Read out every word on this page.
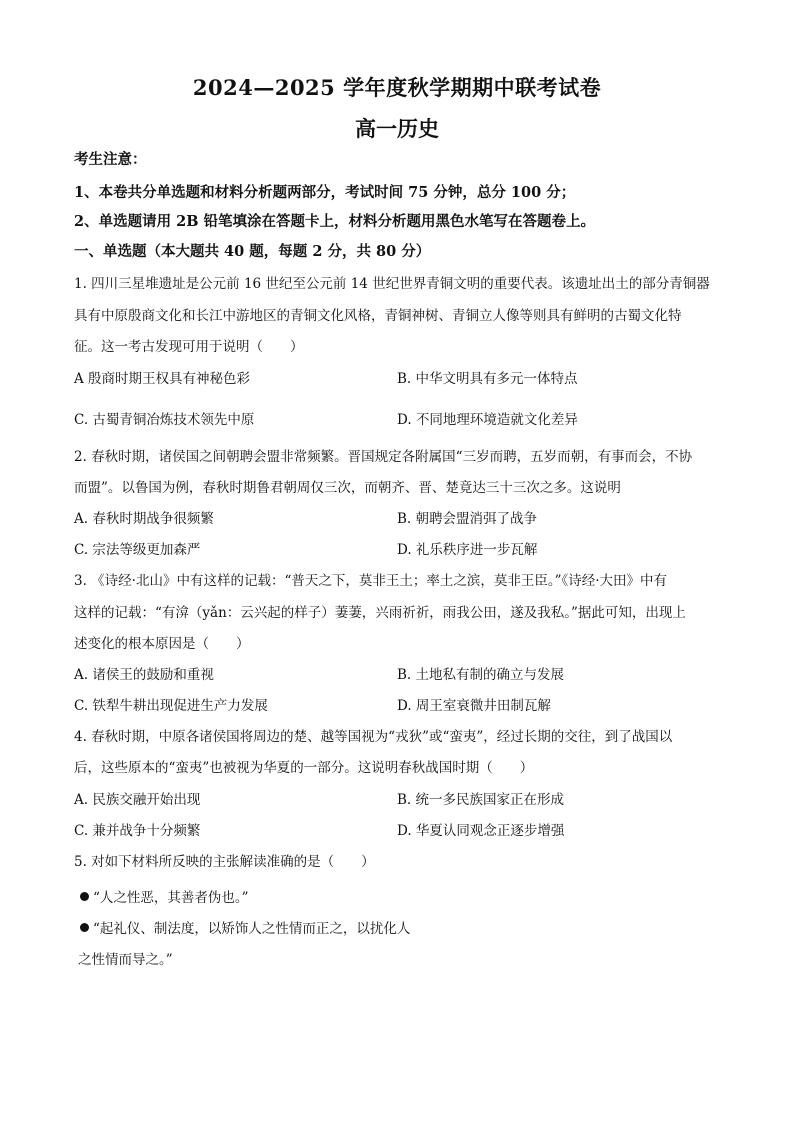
2024—2025 学年度秋学期期中联考试卷
高一历史
考生注意：
1、本卷共分单选题和材料分析题两部分，考试时间 75 分钟，总分 100 分；
2、单选题请用 2B 铅笔填涂在答题卡上，材料分析题用黑色水笔写在答题卷上。
一、单选题（本大题共 40 题，每题 2 分，共 80 分）
1. 四川三星堆遗址是公元前 16 世纪至公元前 14 世纪世界青铜文明的重要代表。该遗址出土的部分青铜器
具有中原殷商文化和长江中游地区的青铜文化风格，青铜神树、青铜立人像等则具有鲜明的古蜀文化特
征。这一考古发现可用于说明（　　）
A 殷商时期王权具有神秘色彩	B. 中华文明具有多元一体特点
C. 古蜀青铜冶炼技术领先中原	D. 不同地理环境造就文化差异
2. 春秋时期，诸侯国之间朝聘会盟非常频繁。晋国规定各附属国“三岁而聘，五岁而朝，有事而会，不协
而盟”。以鲁国为例，春秋时期鲁君朝周仅三次，而朝齐、晋、楚竟达三十三次之多。这说明
A. 春秋时期战争很频繁	B. 朝聘会盟消弭了战争
C. 宗法等级更加森严	D. 礼乐秩序进一步瓦解
3. 《诗经·北山》中有这样的记载：“普天之下，莫非王土；率土之滨，莫非王臣。”《诗经·大田》中有
这样的记载：“有渰（yǎn：云兴起的样子）萋萋，兴雨祈祈，雨我公田，遂及我私。”据此可知，出现上
述变化的根本原因是（　　）
A. 诸侯王的鼓励和重视	B. 土地私有制的确立与发展
C. 铁犁牛耕出现促进生产力发展	D. 周王室衰微井田制瓦解
4. 春秋时期，中原各诸侯国将周边的楚、越等国视为“戎狄”或“蛮夷”，经过长期的交往，到了战国以
后，这些原本的“蛮夷”也被视为华夏的一部分。这说明春秋战国时期（　　）
A. 民族交融开始出现	B. 统一多民族国家正在形成
C. 兼并战争十分频繁	D. 华夏认同观念正逐步增强
5. 对如下材料所反映的主张解读准确的是（　　）
“人之性恶，其善者伪也。”
“起礼仪、制法度，以矫饰人之性情而正之，以扰化人
之性情而导之。”
